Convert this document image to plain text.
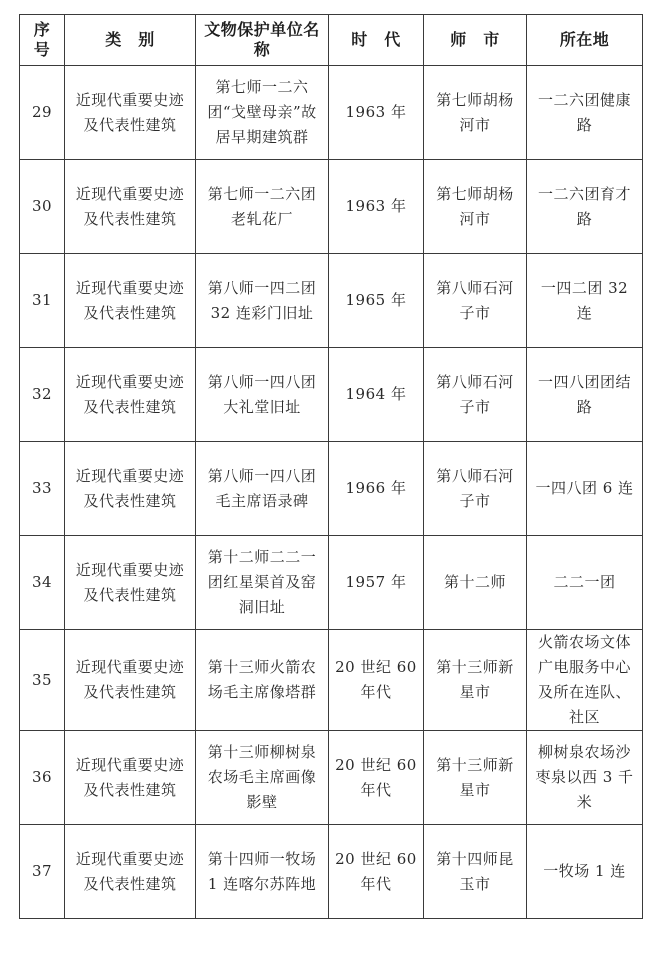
序号	类　别	文物保护单位名称	时　代	师　市	所在地
29	近现代重要史迹及代表性建筑	第七师一二六团“戈壁母亲”故居早期建筑群	1963 年	第七师胡杨河市	一二六团健康路
30	近现代重要史迹及代表性建筑	第七师一二六团老轧花厂	1963 年	第七师胡杨河市	一二六团育才路
31	近现代重要史迹及代表性建筑	第八师一四二团32 连彩门旧址	1965 年	第八师石河子市	一四二团 32 连
32	近现代重要史迹及代表性建筑	第八师一四八团大礼堂旧址	1964 年	第八师石河子市	一四八团团结路
33	近现代重要史迹及代表性建筑	第八师一四八团毛主席语录碑	1966 年	第八师石河子市	一四八团 6 连
34	近现代重要史迹及代表性建筑	第十二师二二一团红星渠首及窑洞旧址	1957 年	第十二师	二二一团
35	近现代重要史迹及代表性建筑	第十三师火箭农场毛主席像塔群	20 世纪 60 年代	第十三师新星市	火箭农场文体广电服务中心及所在连队、社区
36	近现代重要史迹及代表性建筑	第十三师柳树泉农场毛主席画像影壁	20 世纪 60 年代	第十三师新星市	柳树泉农场沙枣泉以西 3 千米
37	近现代重要史迹及代表性建筑	第十四师一牧场1 连喀尔苏阵地	20 世纪 60 年代	第十四师昆玉市	一牧场 1 连
